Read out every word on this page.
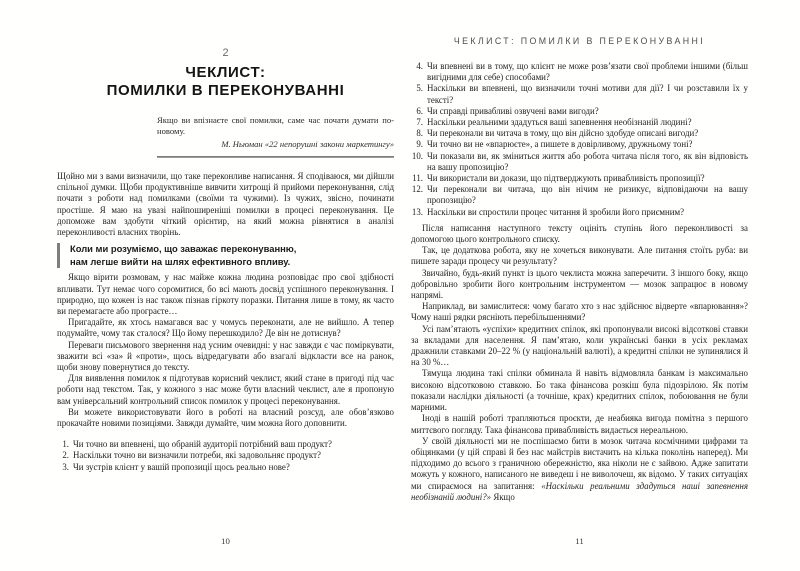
2
ЧЕКЛИСТ:
ПОМИЛКИ В ПЕРЕКОНУВАННІ
Якщо ви впізнаєте свої помилки, саме час почати думати по-новому.
М. Ньюман «22 непорушні закони маркетингу»

Щойно ми з вами визначили, що таке переконливе написання. Я сподіваюся, ми дійшли спільної думки. Щоби продуктивніше вивчити хитрощі й прийоми переконування, слід почати з роботи над помилками (своїми та чужими). Із чужих, звісно, починати простіше. Я маю на увазі найпоширеніші помилки в процесі переконування. Це допоможе вам здобути чіткий орієнтир, на який можна рівнятися в аналізі переконливості власних творінь.

Коли ми розуміємо, що заважає переконуванню,
нам легше вийти на шлях ефективного впливу.

Якщо вірити розмовам, у нас майже кожна людина розповідає про свої здібності впливати. Тут немає чого соромитися, бо всі мають досвід успішного переконування. І природно, що кожен із нас також пізнав гіркоту поразки. Питання лише в тому, як часто ви перемагаєте або програєте…

Пригадайте, як хтось намагався вас у чомусь переконати, але не вийшло. А тепер подумайте, чому так сталося? Що йому перешкодило? Де він не дотиснув?

Переваги письмового звернення над усним очевидні: у нас завжди є час поміркувати, зважити всі «за» й «проти», щось відредагувати або взагалі відкласти все на ранок, щоби знову повернутися до тексту.

Для виявлення помилок я підготував корисний чеклист, який стане в пригоді під час роботи над текстом. Так, у кожного з нас може бути власний чеклист, але я пропоную вам універсальний контрольний список помилок у процесі переконування.

Ви можете використовувати його в роботі на власний розсуд, але обов’язково прокачайте новими позиціями. Завжди думайте, чим можна його доповнити.

1. Чи точно ви впевнені, що обраній аудиторії потрібний ваш продукт?
2. Наскільки точно ви визначили потреби, які задовольняє продукт?
3. Чи зустрів клієнт у вашій пропозиції щось реально нове?
10
ЧЕКЛИСТ: ПОМИЛКИ В ПЕРЕКОНУВАННІ
4. Чи впевнені ви в тому, що клієнт не може розв’язати свої проблеми іншими (більш вигідними для себе) способами?
5. Наскільки ви впевнені, що визначили точні мотиви для дії? І чи розставили їх у тексті?
6. Чи справді привабливі озвучені вами вигоди?
7. Наскільки реальними здадуться ваші запевнення необізнаній людині?
8. Чи переконали ви читача в тому, що він дійсно здобуде описані вигоди?
9. Чи точно ви не «впарюєте», а пишете в довірливому, дружньому тоні?
10. Чи показали ви, як зміниться життя або робота читача після того, як він відповість на вашу пропозицію?
11. Чи використали ви докази, що підтверджують привабливість пропозиції?
12. Чи переконали ви читача, що він нічим не ризикує, відповідаючи на вашу пропозицію?
13. Наскільки ви спростили процес читання й зробили його приємним?

Після написання наступного тексту оцініть ступінь його переконливості за допомогою цього контрольного списку.

Так, це додаткова робота, яку не хочеться виконувати. Але питання стоїть руба: ви пишете заради процесу чи результату?

Звичайно, будь-який пункт із цього чеклиста можна заперечити. З іншого боку, якщо добровільно зробити його контрольним інструментом — мозок запрацює в новому напрямі.

Наприклад, ви замислитеся: чому багато хто з нас здійснює відверте «впарювання»? Чому наші рядки рясніють перебільшеннями?

Усі пам’ятають «успіхи» кредитних спілок, які пропонували високі відсоткові ставки за вкладами для населення. Я пам’ятаю, коли українські банки в усіх рекламах дражнили ставками 20–22 % (у національній валюті), а кредитні спілки не зупинялися й на 30 %…

Тямуща людина такі спілки обминала й навіть відмовляла банкам із максимально високою відсотковою ставкою. Бо така фінансова розкіш була підозрілою. Як потім показали наслідки діяльності (а точніше, крах) кредитних спілок, побоювання не були марними.

Іноді в нашій роботі трапляються проєкти, де неабияка вигода помітна з першого миттєвого погляду. Така фінансова привабливість видається нереальною.

У своїй діяльності ми не поспішаємо бити в мозок читача космічними цифрами та обіцянками (у цій справі й без нас майстрів вистачить на кілька поколінь наперед). Ми підходимо до всього з граничною обережністю, яка ніколи не є зайвою. Адже запитати можуть у кожного, написаного не виведеш і не виволочеш, як відомо. У таких ситуаціях ми спираємося на запитання: «Наскільки реальними здадуться наші запевнення необізнаній людині?» Якщо

11
